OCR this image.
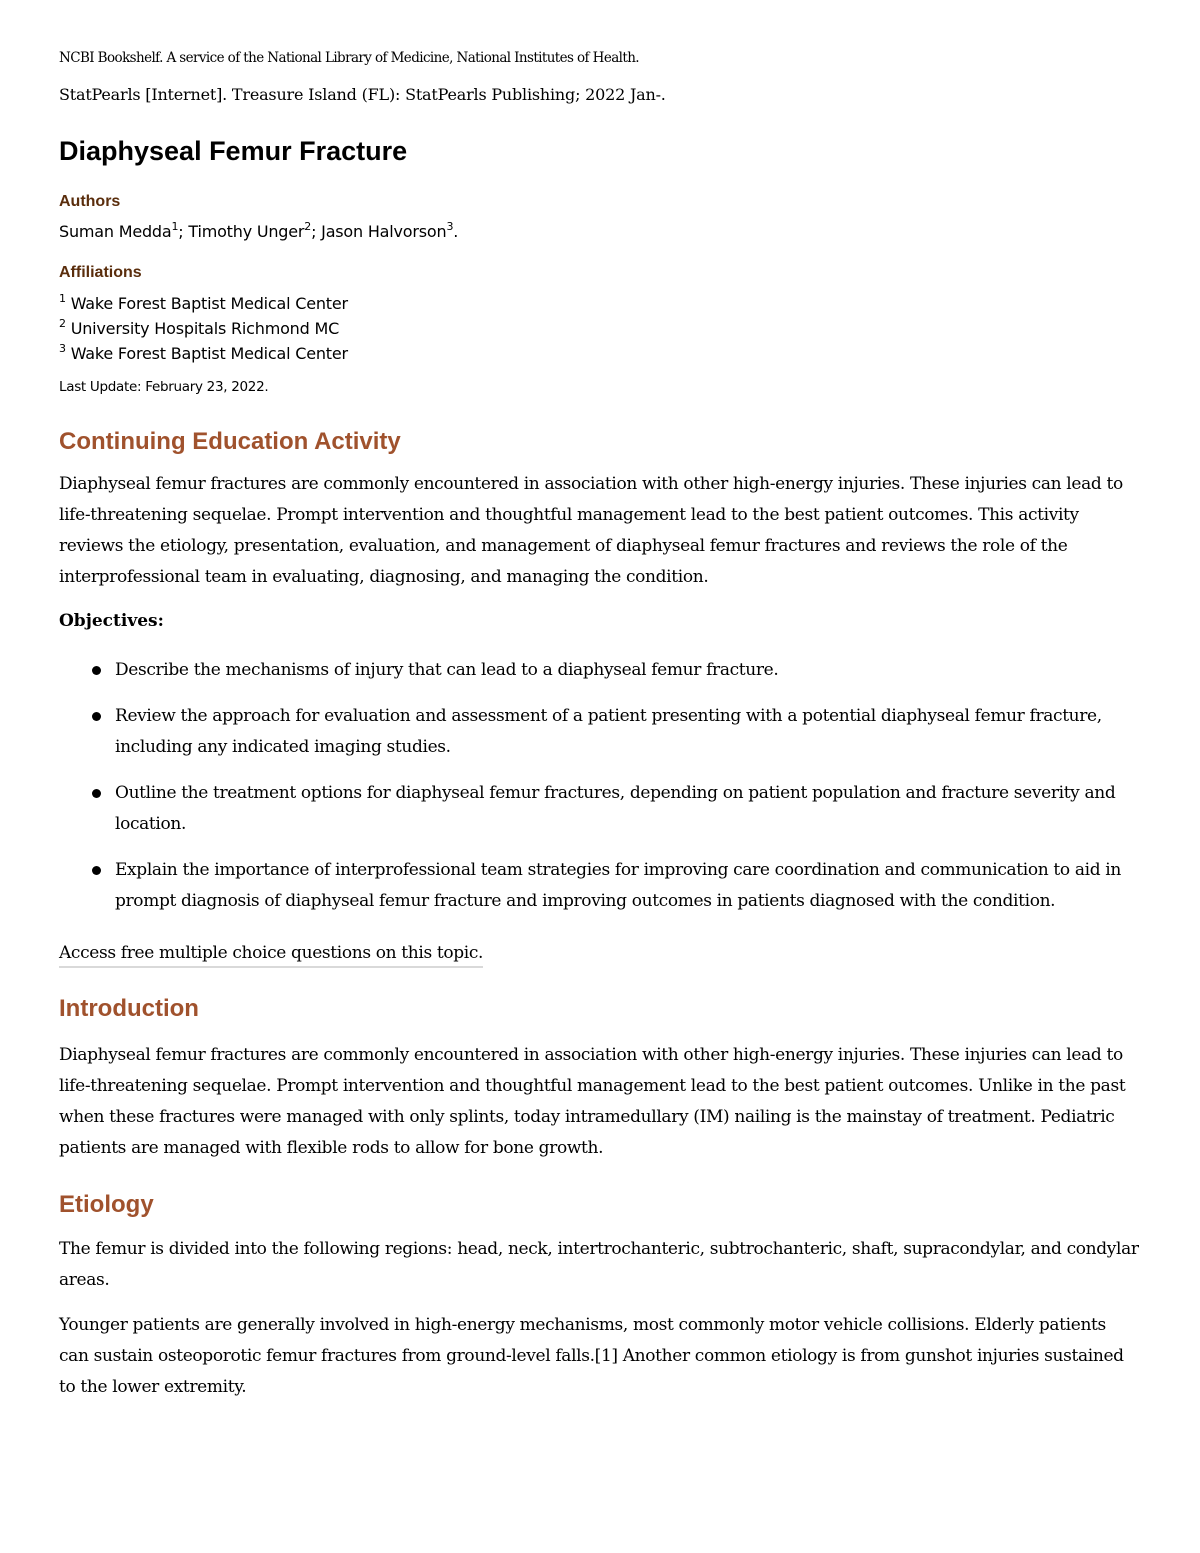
NCBI Bookshelf. A service of the National Library of Medicine, National Institutes of Health.

StatPearls [Internet]. Treasure Island (FL): StatPearls Publishing; 2022 Jan-.

Diaphyseal Femur Fracture
Authors
Suman Medda$^1$; Timothy Unger$^2$; Jason Halvorson$^3$.
Affiliations
$^1$ Wake Forest Baptist Medical Center
$^2$ University Hospitals Richmond MC
$^3$ Wake Forest Baptist Medical Center

Last Update: February 23, 2022.

Continuing Education Activity

Diaphyseal femur fractures are commonly encountered in association with other high-energy injuries. These injuries can lead to life-threatening sequelae. Prompt intervention and thoughtful management lead to the best patient outcomes. This activity reviews the etiology, presentation, evaluation, and management of diaphyseal femur fractures and reviews the role of the interprofessional team in evaluating, diagnosing, and managing the condition.

Objectives:

Describe the mechanisms of injury that can lead to a diaphyseal femur fracture.
Review the approach for evaluation and assessment of a patient presenting with a potential diaphyseal femur fracture, including any indicated imaging studies.
Outline the treatment options for diaphyseal femur fractures, depending on patient population and fracture severity and location.
Explain the importance of interprofessional team strategies for improving care coordination and communication to aid in prompt diagnosis of diaphyseal femur fracture and improving outcomes in patients diagnosed with the condition.
Access free multiple choice questions on this topic.
Introduction

Diaphyseal femur fractures are commonly encountered in association with other high-energy injuries. These injuries can lead to life-threatening sequelae. Prompt intervention and thoughtful management lead to the best patient outcomes. Unlike in the past when these fractures were managed with only splints, today intramedullary (IM) nailing is the mainstay of treatment. Pediatric patients are managed with flexible rods to allow for bone growth.

Etiology

The femur is divided into the following regions: head, neck, intertrochanteric, subtrochanteric, shaft, supracondylar, and condylar areas.

Younger patients are generally involved in high-energy mechanisms, most commonly motor vehicle collisions. Elderly patients can sustain osteoporotic femur fractures from ground-level falls.[1] Another common etiology is from gunshot injuries sustained to the lower extremity.
